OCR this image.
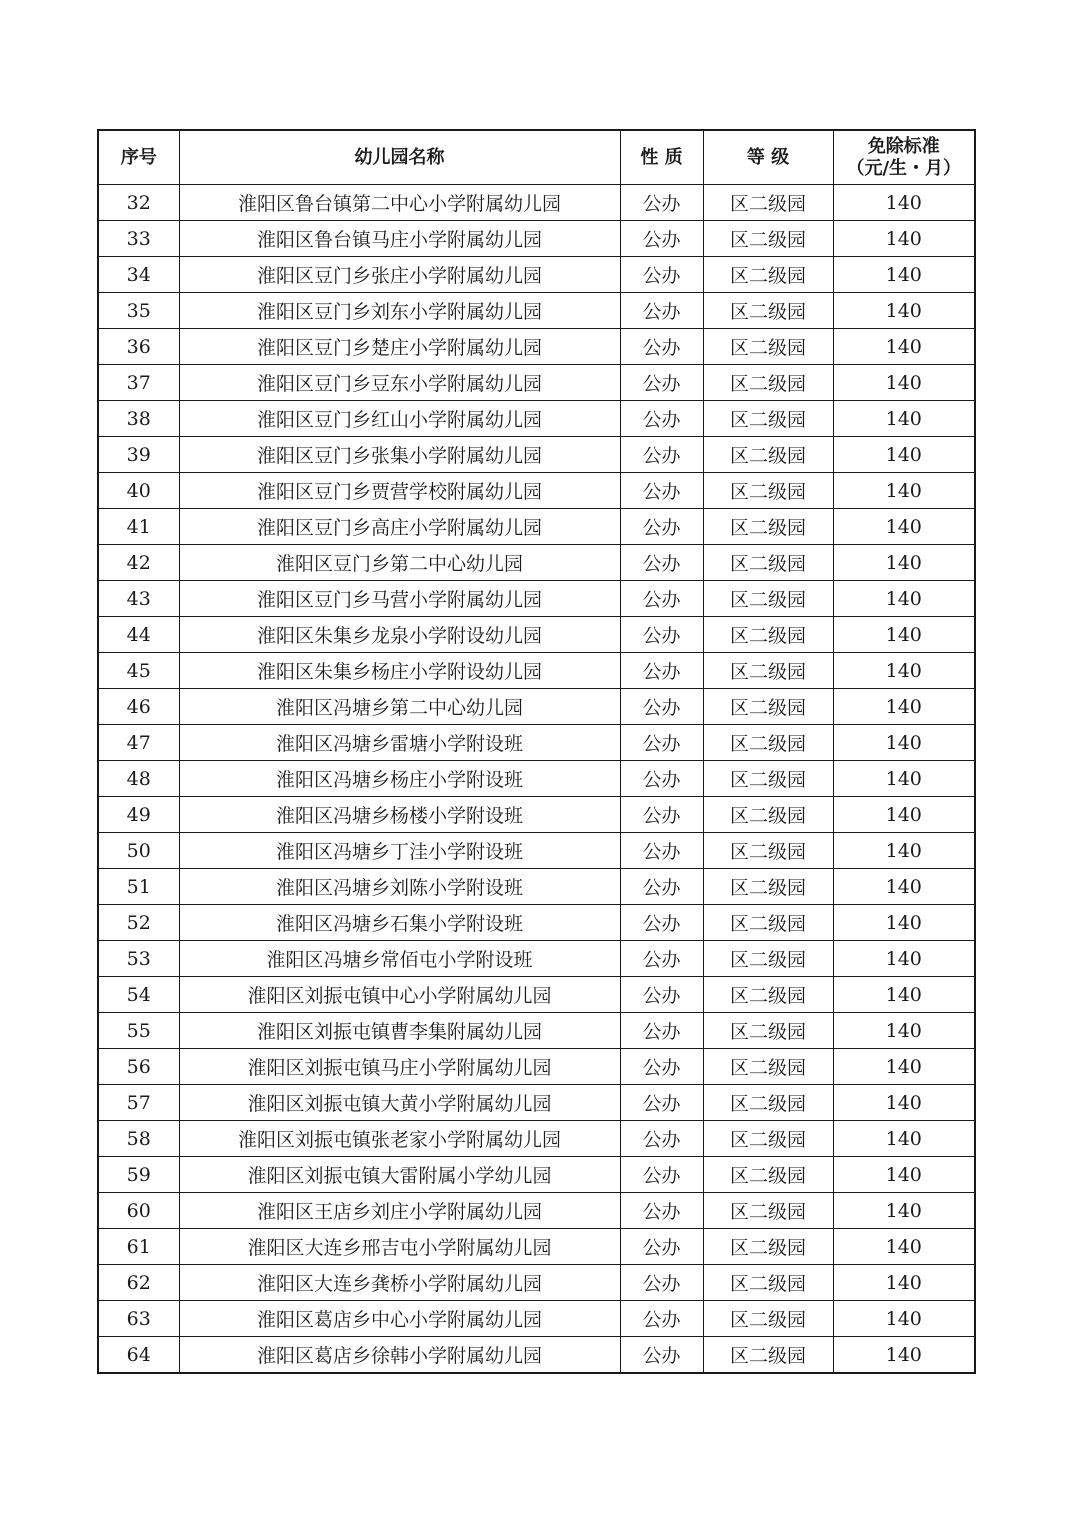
序号	幼儿园名称	性 质	等 级	免除标准
（元/生・月）

32	淮阳区鲁台镇第二中心小学附属幼儿园	公办	区二级园	140
33	淮阳区鲁台镇马庄小学附属幼儿园	公办	区二级园	140
34	淮阳区豆门乡张庄小学附属幼儿园	公办	区二级园	140
35	淮阳区豆门乡刘东小学附属幼儿园	公办	区二级园	140
36	淮阳区豆门乡楚庄小学附属幼儿园	公办	区二级园	140
37	淮阳区豆门乡豆东小学附属幼儿园	公办	区二级园	140
38	淮阳区豆门乡红山小学附属幼儿园	公办	区二级园	140
39	淮阳区豆门乡张集小学附属幼儿园	公办	区二级园	140
40	淮阳区豆门乡贾营学校附属幼儿园	公办	区二级园	140
41	淮阳区豆门乡高庄小学附属幼儿园	公办	区二级园	140
42	淮阳区豆门乡第二中心幼儿园	公办	区二级园	140
43	淮阳区豆门乡马营小学附属幼儿园	公办	区二级园	140
44	淮阳区朱集乡龙泉小学附设幼儿园	公办	区二级园	140
45	淮阳区朱集乡杨庄小学附设幼儿园	公办	区二级园	140
46	淮阳区冯塘乡第二中心幼儿园	公办	区二级园	140
47	淮阳区冯塘乡雷塘小学附设班	公办	区二级园	140
48	淮阳区冯塘乡杨庄小学附设班	公办	区二级园	140
49	淮阳区冯塘乡杨楼小学附设班	公办	区二级园	140
50	淮阳区冯塘乡丁洼小学附设班	公办	区二级园	140
51	淮阳区冯塘乡刘陈小学附设班	公办	区二级园	140
52	淮阳区冯塘乡石集小学附设班	公办	区二级园	140
53	淮阳区冯塘乡常佰屯小学附设班	公办	区二级园	140
54	淮阳区刘振屯镇中心小学附属幼儿园	公办	区二级园	140
55	淮阳区刘振屯镇曹李集附属幼儿园	公办	区二级园	140
56	淮阳区刘振屯镇马庄小学附属幼儿园	公办	区二级园	140
57	淮阳区刘振屯镇大黄小学附属幼儿园	公办	区二级园	140
58	淮阳区刘振屯镇张老家小学附属幼儿园	公办	区二级园	140
59	淮阳区刘振屯镇大雷附属小学幼儿园	公办	区二级园	140
60	淮阳区王店乡刘庄小学附属幼儿园	公办	区二级园	140
61	淮阳区大连乡邢吉屯小学附属幼儿园	公办	区二级园	140
62	淮阳区大连乡龚桥小学附属幼儿园	公办	区二级园	140
63	淮阳区葛店乡中心小学附属幼儿园	公办	区二级园	140
64	淮阳区葛店乡徐韩小学附属幼儿园	公办	区二级园	140
